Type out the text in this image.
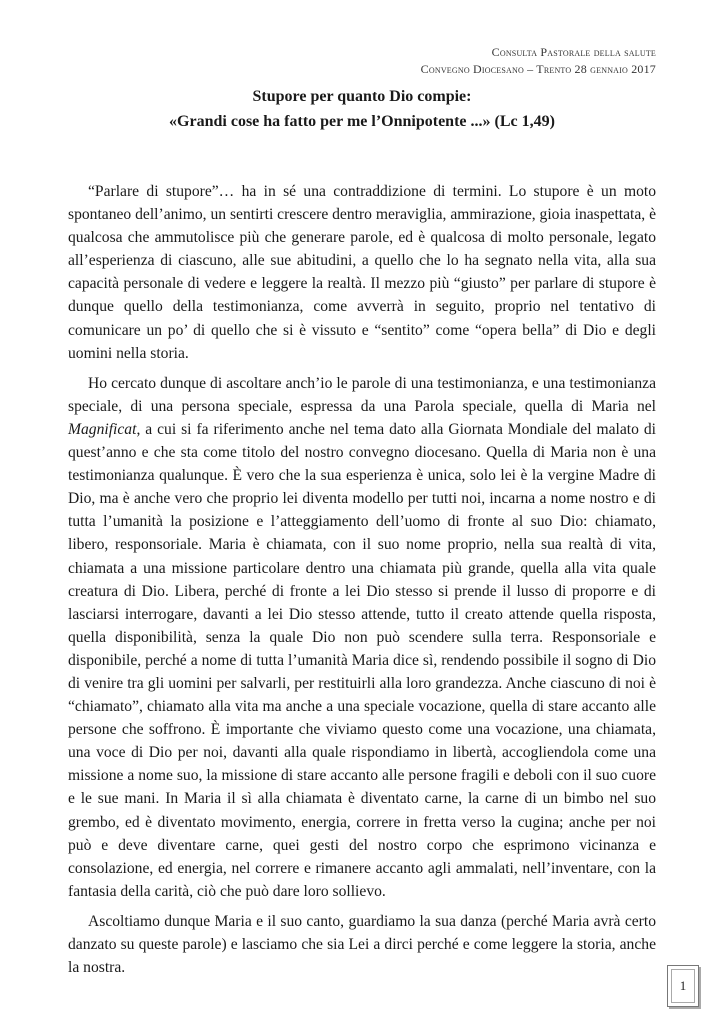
Consulta Pastorale della salute
Convegno Diocesano – Trento 28 gennaio 2017
Stupore per quanto Dio compie:
«Grandi cose ha fatto per me l’Onnipotente ...» (Lc 1,49)

“Parlare di stupore”… ha in sé una contraddizione di termini. Lo stupore è un moto spontaneo dell’animo, un sentirti crescere dentro meraviglia, ammirazione, gioia inaspettata, è qualcosa che ammutolisce più che generare parole, ed è qualcosa di molto personale, legato all’esperienza di ciascuno, alle sue abitudini, a quello che lo ha segnato nella vita, alla sua capacità personale di vedere e leggere la realtà. Il mezzo più “giusto” per parlare di stupore è dunque quello della testimonianza, come avverrà in seguito, proprio nel tentativo di comunicare un po’ di quello che si è vissuto e “sentito” come “opera bella” di Dio e degli uomini nella storia.

Ho cercato dunque di ascoltare anch’io le parole di una testimonianza, e una testimonianza speciale, di una persona speciale, espressa da una Parola speciale, quella di Maria nel Magnificat, a cui si fa riferimento anche nel tema dato alla Giornata Mondiale del malato di quest’anno e che sta come titolo del nostro convegno diocesano. Quella di Maria non è una testimonianza qualunque. È vero che la sua esperienza è unica, solo lei è la vergine Madre di Dio, ma è anche vero che proprio lei diventa modello per tutti noi, incarna a nome nostro e di tutta l’umanità la posizione e l’atteggiamento dell’uomo di fronte al suo Dio: chiamato, libero, responsoriale. Maria è chiamata, con il suo nome proprio, nella sua realtà di vita, chiamata a una missione particolare dentro una chiamata più grande, quella alla vita quale creatura di Dio. Libera, perché di fronte a lei Dio stesso si prende il lusso di proporre e di lasciarsi interrogare, davanti a lei Dio stesso attende, tutto il creato attende quella risposta, quella disponibilità, senza la quale Dio non può scendere sulla terra. Responsoriale e disponibile, perché a nome di tutta l’umanità Maria dice sì, rendendo possibile il sogno di Dio di venire tra gli uomini per salvarli, per restituirli alla loro grandezza. Anche ciascuno di noi è “chiamato”, chiamato alla vita ma anche a una speciale vocazione, quella di stare accanto alle persone che soffrono. È importante che viviamo questo come una vocazione, una chiamata, una voce di Dio per noi, davanti alla quale rispondiamo in libertà, accogliendola come una missione a nome suo, la missione di stare accanto alle persone fragili e deboli con il suo cuore e le sue mani. In Maria il sì alla chiamata è diventato carne, la carne di un bimbo nel suo grembo, ed è diventato movimento, energia, correre in fretta verso la cugina; anche per noi può e deve diventare carne, quei gesti del nostro corpo che esprimono vicinanza e consolazione, ed energia, nel correre e rimanere accanto agli ammalati, nell’inventare, con la fantasia della carità, ciò che può dare loro sollievo.

Ascoltiamo dunque Maria e il suo canto, guardiamo la sua danza (perché Maria avrà certo danzato su queste parole) e lasciamo che sia Lei a dirci perché e come leggere la storia, anche la nostra.

1
